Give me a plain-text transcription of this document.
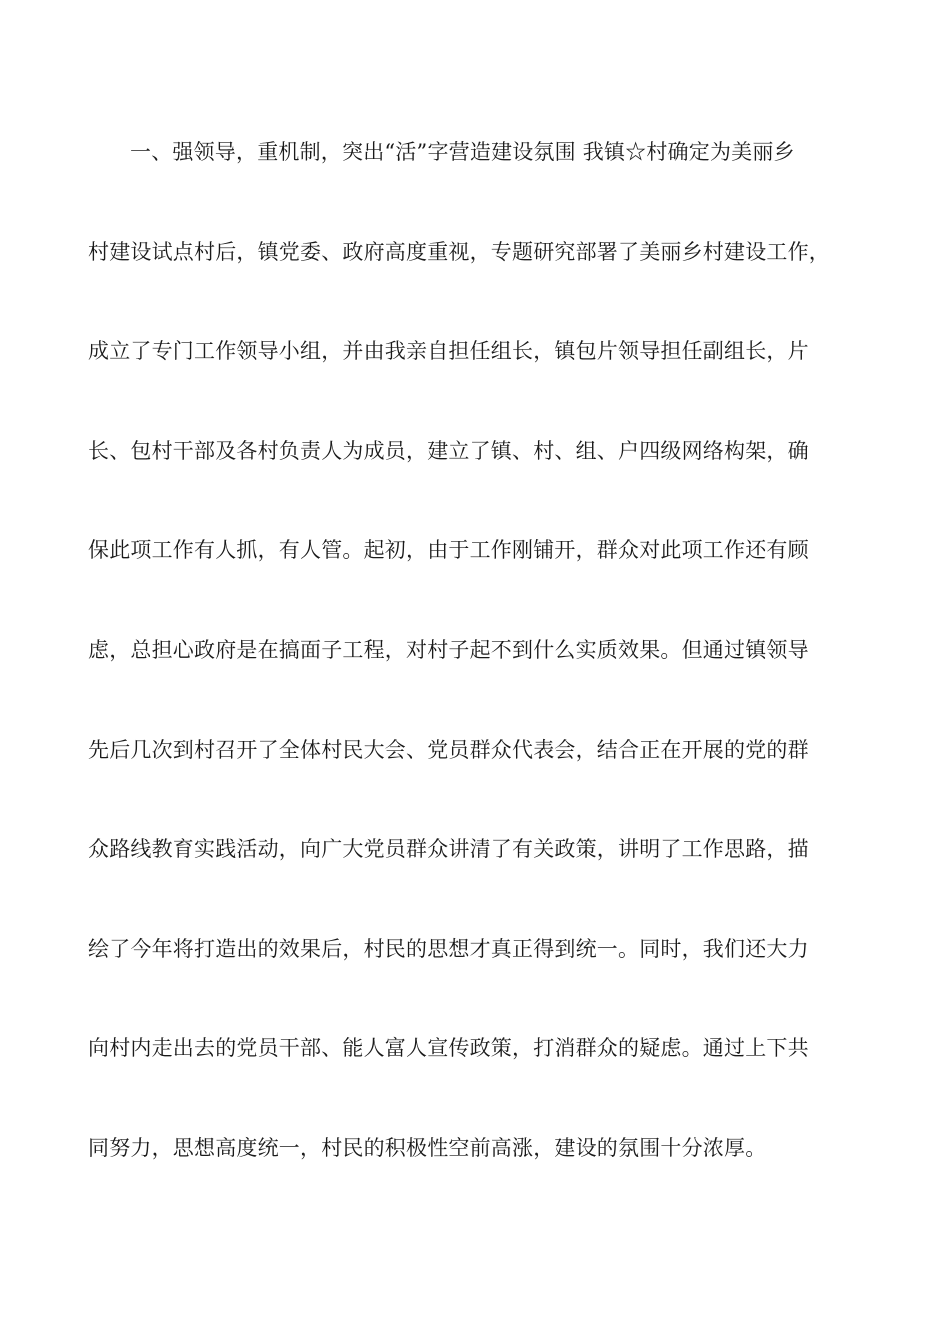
一、强领导，重机制，突出“活”字营造建设氛围 我镇☆村确定为美丽乡
村建设试点村后，镇党委、政府高度重视，专题研究部署了美丽乡村建设工作，
成立了专门工作领导小组，并由我亲自担任组长，镇包片领导担任副组长，片
长、包村干部及各村负责人为成员，建立了镇、村、组、户四级网络构架，确
保此项工作有人抓，有人管。起初，由于工作刚铺开，群众对此项工作还有顾
虑，总担心政府是在搞面子工程，对村子起不到什么实质效果。但通过镇领导
先后几次到村召开了全体村民大会、党员群众代表会，结合正在开展的党的群
众路线教育实践活动，向广大党员群众讲清了有关政策，讲明了工作思路，描
绘了今年将打造出的效果后，村民的思想才真正得到统一。同时，我们还大力
向村内走出去的党员干部、能人富人宣传政策，打消群众的疑虑。通过上下共
同努力，思想高度统一，村民的积极性空前高涨，建设的氛围十分浓厚。
